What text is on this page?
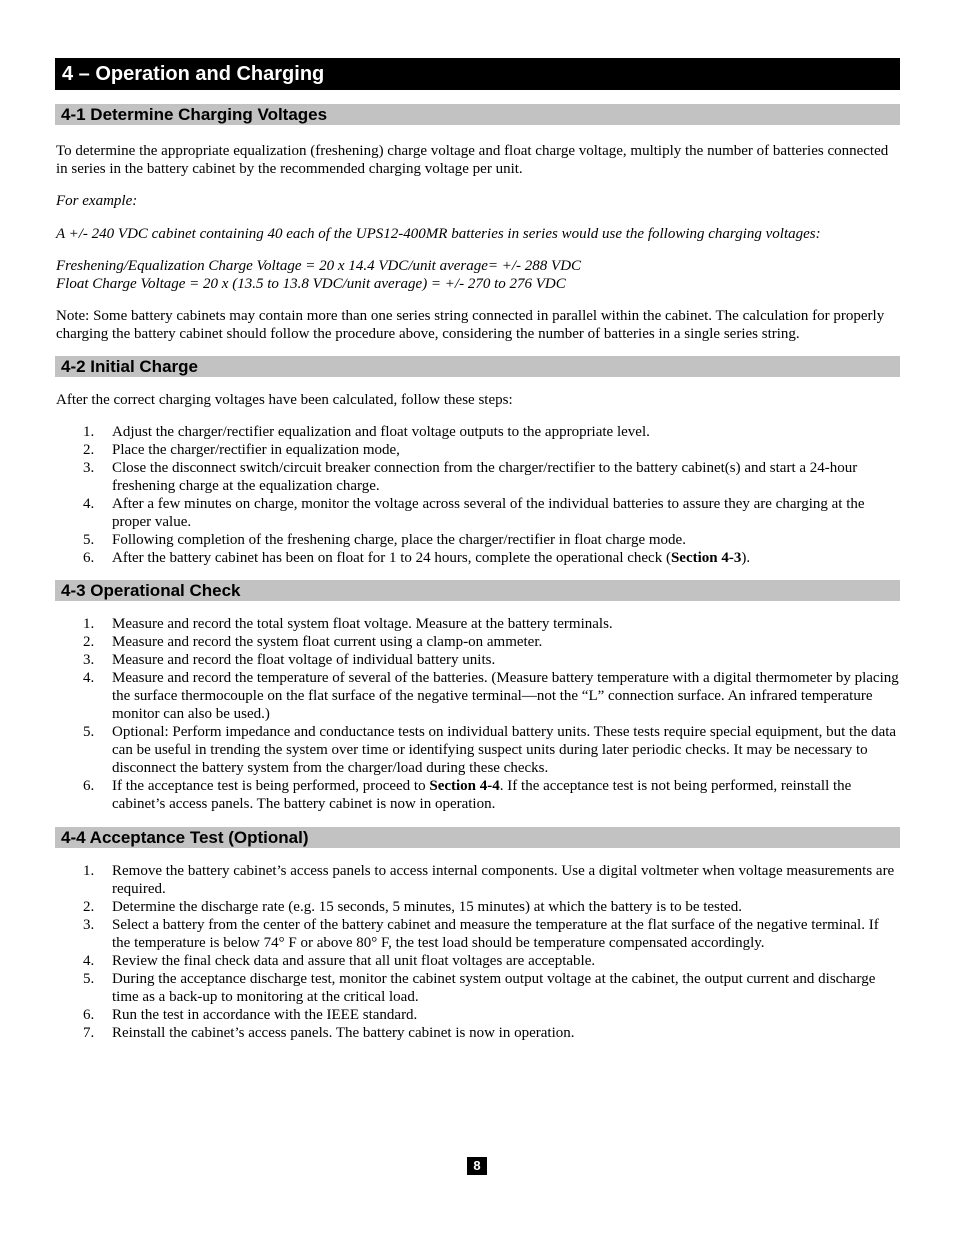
4 – Operation and Charging
4-1 Determine Charging Voltages

To determine the appropriate equalization (freshening) charge voltage and float charge voltage, multiply the number of batteries connected in series in the battery cabinet by the recommended charging voltage per unit.

For example:

A +/- 240 VDC cabinet containing 40 each of the UPS12-400MR batteries in series would use the following charging voltages:

Freshening/Equalization Charge Voltage = 20 x 14.4 VDC/unit average= +/- 288 VDC

Float Charge Voltage = 20 x (13.5 to 13.8 VDC/unit average) = +/- 270 to 276 VDC

Note: Some battery cabinets may contain more than one series string connected in parallel within the cabinet. The calculation for properly charging the battery cabinet should follow the procedure above, considering the number of batteries in a single series string.

4-2 Initial Charge

After the correct charging voltages have been calculated, follow these steps:

1. Adjust the charger/rectifier equalization and float voltage outputs to the appropriate level.
2. Place the charger/rectifier in equalization mode,
3. Close the disconnect switch/circuit breaker connection from the charger/rectifier to the battery cabinet(s) and start a 24-hour freshening charge at the equalization charge.
4. After a few minutes on charge, monitor the voltage across several of the individual batteries to assure they are charging at the proper value.
5. Following completion of the freshening charge, place the charger/rectifier in float charge mode.
6. After the battery cabinet has been on float for 1 to 24 hours, complete the operational check (Section 4-3).
4-3 Operational Check
1. Measure and record the total system float voltage. Measure at the battery terminals.
2. Measure and record the system float current using a clamp-on ammeter.
3. Measure and record the float voltage of individual battery units.
4. Measure and record the temperature of several of the batteries. (Measure battery temperature with a digital thermometer by placing the surface thermocouple on the flat surface of the negative terminal—not the “L” connection surface. An infrared temperature monitor can also be used.)
5. Optional: Perform impedance and conductance tests on individual battery units. These tests require special equipment, but the data can be useful in trending the system over time or identifying suspect units during later periodic checks. It may be necessary to disconnect the battery system from the charger/load during these checks.
6. If the acceptance test is being performed, proceed to Section 4-4. If the acceptance test is not being performed, reinstall the cabinet’s access panels. The battery cabinet is now in operation.
4-4 Acceptance Test (Optional)
1. Remove the battery cabinet’s access panels to access internal components. Use a digital voltmeter when voltage measurements are required.
2. Determine the discharge rate (e.g. 15 seconds, 5 minutes, 15 minutes) at which the battery is to be tested.
3. Select a battery from the center of the battery cabinet and measure the temperature at the flat surface of the negative terminal. If the temperature is below 74° F or above 80° F, the test load should be temperature compensated accordingly.
4. Review the final check data and assure that all unit float voltages are acceptable.
5. During the acceptance discharge test, monitor the cabinet system output voltage at the cabinet, the output current and discharge time as a back-up to monitoring at the critical load.
6. Run the test in accordance with the IEEE standard.
7. Reinstall the cabinet’s access panels. The battery cabinet is now in operation.
8
